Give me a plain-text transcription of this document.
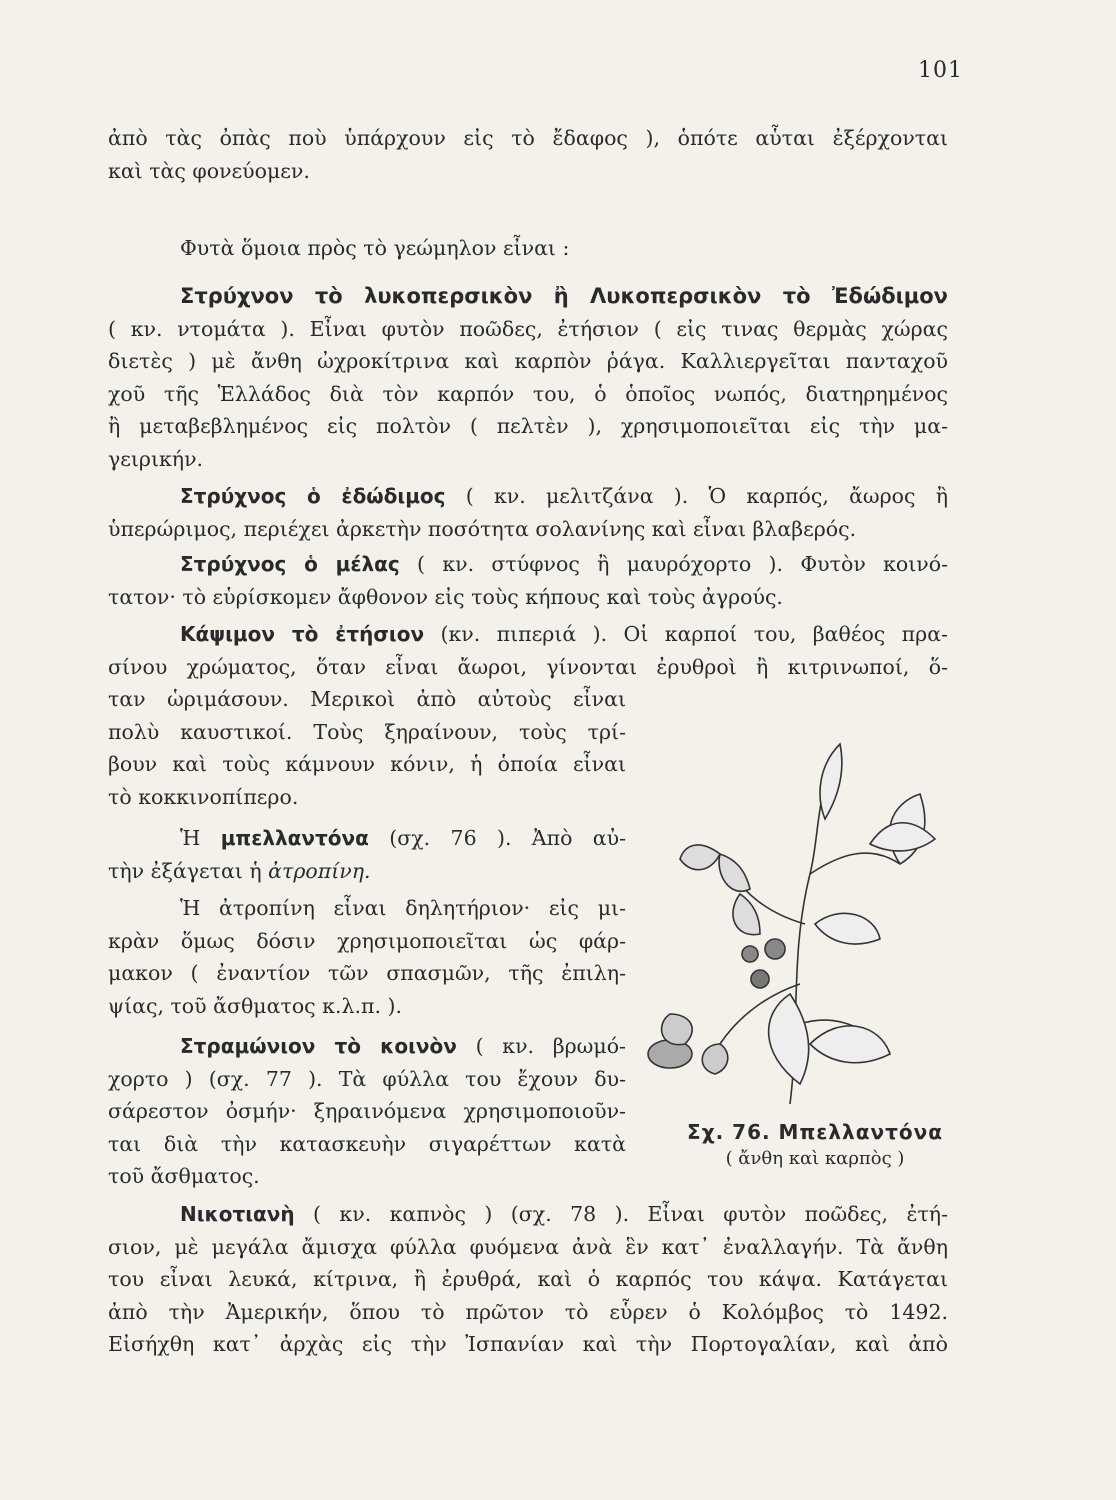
101
ἀπὸ τὰς ὀπὰς ποὺ ὑπάρχουν εἰς τὸ ἔδαφος ), ὁπότε αὗται ἐξέρχονται
καὶ τὰς φονεύομεν.
Φυτὰ ὅμοια πρὸς τὸ γεώμηλον εἶναι :
Στρύχνον τὸ λυκοπερσικὸν ἢ Λυκοπερσικὸν τὸ Ἐδώδιμον
( κν. ντομάτα ). Εἶναι φυτὸν ποῶδες, ἐτήσιον ( εἰς τινας θερμὰς χώρας
διετὲς ) μὲ ἄνθη ὠχροκίτρινα καὶ καρπὸν ῥάγα. Καλλιεργεῖται πανταχοῦ
χοῦ τῆς Ἑλλάδος διὰ τὸν καρπόν του, ὁ ὁποῖος νωπός, διατηρημένος
ἢ μεταβεβλημένος εἰς πολτὸν ( πελτὲν ), χρησιμοποιεῖται εἰς τὴν μα-
γειρικήν.
Στρύχνος ὁ ἐδώδιμος ( κν. μελιτζάνα ). Ὁ καρπός, ἄωρος ἢ
ὑπερώριμος, περιέχει ἀρκετὴν ποσότητα σολανίνης καὶ εἶναι βλαβερός.
Στρύχνος ὁ μέλας ( κν. στύφνος ἢ μαυρόχορτο ). Φυτὸν κοινό-
τατον· τὸ εὑρίσκομεν ἄφθονον εἰς τοὺς κήπους καὶ τοὺς ἀγρούς.
Κάψιμον τὸ ἐτήσιον (κν. πιπεριά ). Οἱ καρποί του, βαθέος πρα-
σίνου χρώματος, ὅταν εἶναι ἄωροι, γίνονται ἐρυθροὶ ἢ κιτρινωποί, ὅ-
ταν ὡριμάσουν. Μερικοὶ ἀπὸ αὐτοὺς εἶναι
πολὺ καυστικοί. Τοὺς ξηραίνουν, τοὺς τρί-
βουν καὶ τοὺς κάμνουν κόνιν, ἡ ὁποία εἶναι
τὸ κοκκινοπίπερο.
Ἡ μπελλαντόνα (σχ. 76 ). Ἀπὸ αὐ-
τὴν ἐξάγεται ἡ ἀτροπίνη.
Ἡ ἀτροπίνη εἶναι δηλητήριον· εἰς μι-
κρὰν ὅμως δόσιν χρησιμοποιεῖται ὡς φάρ-
μακον ( ἐναντίον τῶν σπασμῶν, τῆς ἐπιλη-
ψίας, τοῦ ἄσθματος κ.λ.π. ).
Στραμώνιον τὸ κοινὸν ( κν. βρωμό-
χορτο ) (σχ. 77 ). Τὰ φύλλα του ἔχουν δυ-
σάρεστον ὀσμήν· ξηραινόμενα χρησιμοποιοῦν-
ται διὰ τὴν κατασκευὴν σιγαρέττων κατὰ
τοῦ ἄσθματος.
Νικοτιανὴ ( κν. καπνὸς ) (σχ. 78 ). Εἶναι φυτὸν ποῶδες, ἐτή-
σιον, μὲ μεγάλα ἄμισχα φύλλα φυόμενα ἀνὰ ἓν κατ᾽ ἐναλλαγήν. Τὰ ἄνθη
του εἶναι λευκά, κίτρινα, ἢ ἐρυθρά, καὶ ὁ καρπός του κάψα. Κατάγεται
ἀπὸ τὴν Ἀμερικήν, ὅπου τὸ πρῶτον τὸ εὗρεν ὁ Κολόμβος τὸ 1492.
Εἰσήχθη κατ᾽ ἀρχὰς εἰς τὴν Ἰσπανίαν καὶ τὴν Πορτογαλίαν, καὶ ἀπὸ
Σχ. 76. Μπελλαντόνα
( ἄνθη καὶ καρπὸς )
